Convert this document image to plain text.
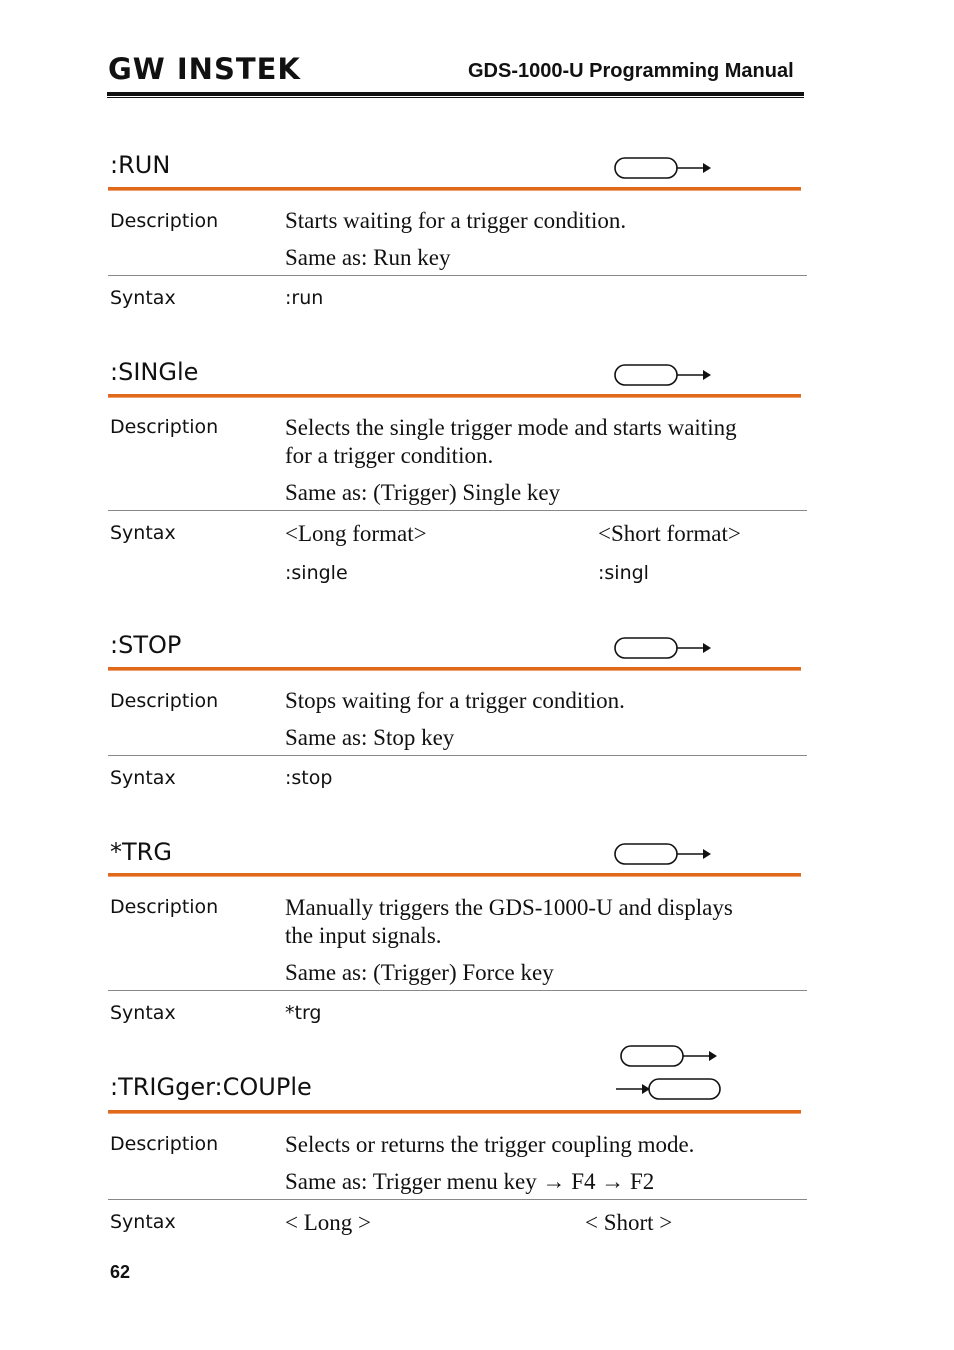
GW INSTEK	GDS-1000-U Programming Manual
:RUN
Description	Starts waiting for a trigger condition.
Same as: Run key
Syntax	:run
:SINGle
Description	Selects the single trigger mode and starts waiting
for a trigger condition.
Same as: (Trigger) Single key
Syntax	<Long format>	<Short format>
:single	:singl
:STOP
Description	Stops waiting for a trigger condition.
Same as: Stop key
Syntax	:stop
*TRG
Description	Manually triggers the GDS-1000-U and displays
the input signals.
Same as: (Trigger) Force key
Syntax	*trg
:TRIGger:COUPle
Description	Selects or returns the trigger coupling mode.
Same as: Trigger menu key → F4 → F2
Syntax	< Long >	< Short >
62
